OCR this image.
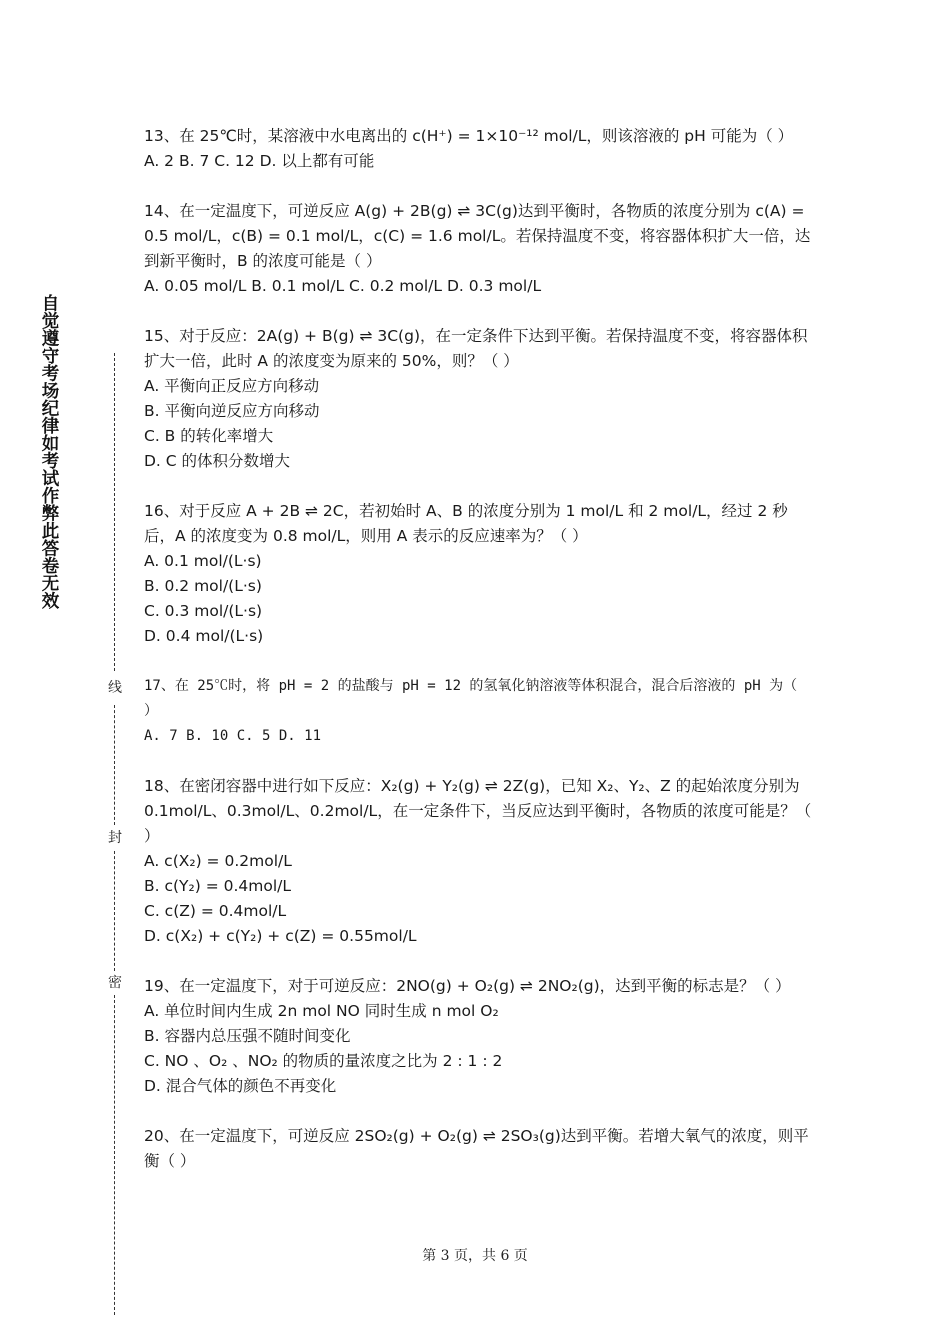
自觉遵守考场纪律如考试作弊此答卷无效
线
封
密

13、在 25℃时，某溶液中水电离出的 c(H⁺) = 1×10⁻¹² mol/L，则该溶液的 pH 可能为（ ）

A. 2 B. 7 C. 12 D. 以上都有可能

14、在一定温度下，可逆反应 A(g) + 2B(g) ⇌ 3C(g)达到平衡时，各物质的浓度分别为 c(A) = 0.5 mol/L，c(B) = 0.1 mol/L，c(C) = 1.6 mol/L。若保持温度不变，将容器体积扩大一倍，达到新平衡时，B 的浓度可能是（ ）

A. 0.05 mol/L B. 0.1 mol/L C. 0.2 mol/L D. 0.3 mol/L

15、对于反应：2A(g) + B(g) ⇌ 3C(g)，在一定条件下达到平衡。若保持温度不变，将容器体积扩大一倍，此时 A 的浓度变为原来的 50%，则？（ ）

A. 平衡向正反应方向移动

B. 平衡向逆反应方向移动

C. B 的转化率增大

D. C 的体积分数增大

16、对于反应 A + 2B ⇌ 2C，若初始时 A、B 的浓度分别为 1 mol/L 和 2 mol/L，经过 2 秒后，A 的浓度变为 0.8 mol/L，则用 A 表示的反应速率为？（ ）

A. 0.1 mol/(L·s)

B. 0.2 mol/(L·s)

C. 0.3 mol/(L·s)

D. 0.4 mol/(L·s)

17、在 25℃时，将 pH = 2 的盐酸与 pH = 12 的氢氧化钠溶液等体积混合，混合后溶液的 pH 为（ ）

A. 7 B. 10 C. 5 D. 11

18、在密闭容器中进行如下反应：X₂(g) + Y₂(g) ⇌ 2Z(g)，已知 X₂、Y₂、Z 的起始浓度分别为 0.1mol/L、0.3mol/L、0.2mol/L，在一定条件下，当反应达到平衡时，各物质的浓度可能是？（ ）

A. c(X₂) = 0.2mol/L

B. c(Y₂) = 0.4mol/L

C. c(Z) = 0.4mol/L

D. c(X₂) + c(Y₂) + c(Z) = 0.55mol/L

19、在一定温度下，对于可逆反应：2NO(g) + O₂(g) ⇌ 2NO₂(g)，达到平衡的标志是？（ ）

A. 单位时间内生成 2n mol NO 同时生成 n mol O₂

B. 容器内总压强不随时间变化

C. NO 、O₂ 、NO₂ 的物质的量浓度之比为 2 : 1 : 2

D. 混合气体的颜色不再变化

20、在一定温度下，可逆反应 2SO₂(g) + O₂(g) ⇌ 2SO₃(g)达到平衡。若增大氧气的浓度，则平衡（ ）

第 3 页，共 6 页
